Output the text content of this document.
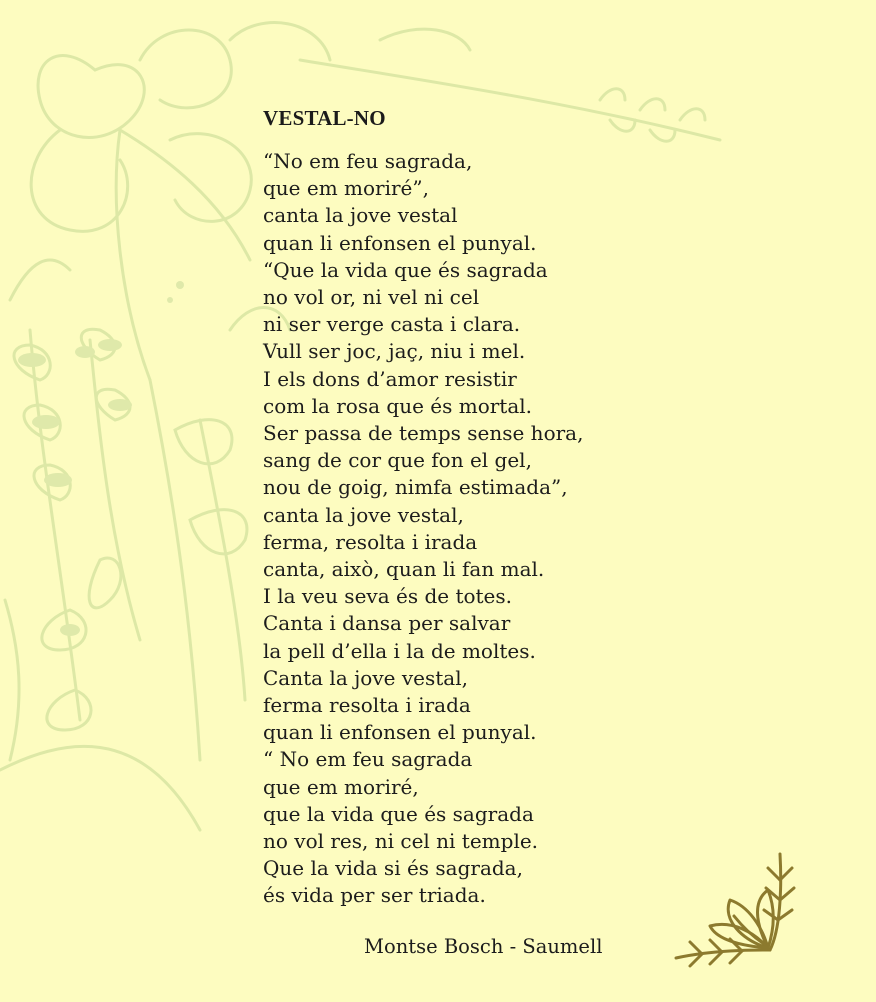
VESTAL-NO
“No em feu sagrada,
que em moriré”,
canta la jove vestal
quan li enfonsen el punyal.
“Que la vida que és sagrada
no vol or, ni vel ni cel
ni ser verge casta i clara.
Vull ser joc, jaç, niu i mel.
I els dons d’amor resistir
com la rosa que és mortal.
Ser passa de temps sense hora,
sang de cor que fon el gel,
nou de goig, nimfa estimada”,
canta la jove vestal,
ferma, resolta i irada
canta, això, quan li fan mal.
I la veu seva és de totes.
Canta i dansa per salvar
la pell d’ella i la de moltes.
Canta la jove vestal,
ferma resolta i irada
quan li enfonsen el punyal.
“ No em feu sagrada
que em moriré,
que la vida que és sagrada
no vol res, ni cel ni temple.
Que la vida si és sagrada,
és vida per ser triada.
Montse Bosch - Saumell
